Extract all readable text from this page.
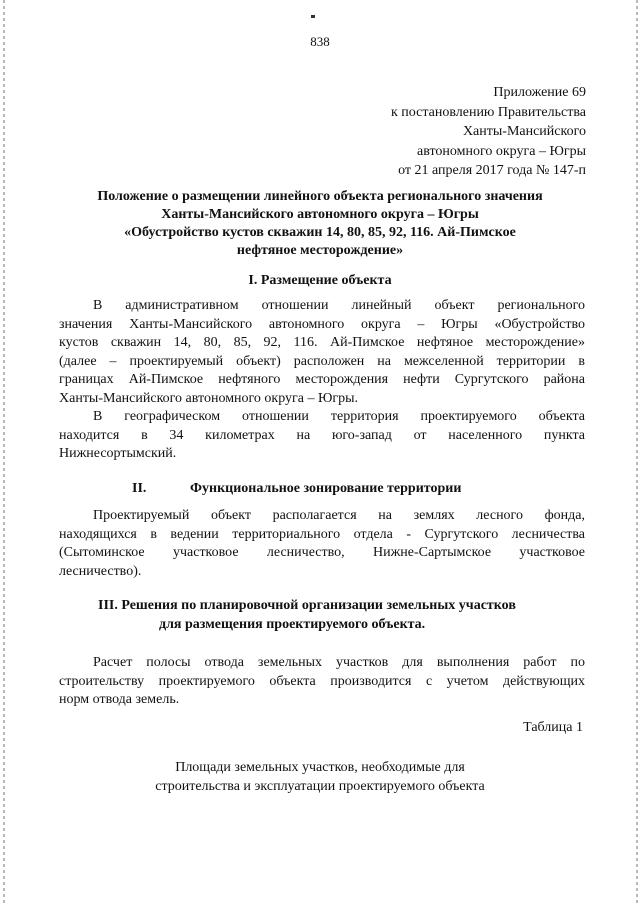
838
Приложение 69
к постановлению Правительства
Ханты-Мансийского
автономного округа – Югры
от 21 апреля 2017 года № 147-п
Положение о размещении линейного объекта регионального значения
Ханты-Мансийского автономного округа – Югры
«Обустройство кустов скважин 14, 80, 85, 92, 116. Ай-Пимское
нефтяное месторождение»
I. Размещение объекта

В административном отношении линейный объект регионального
значения Ханты-Мансийского автономного округа – Югры «Обустройство
кустов скважин 14, 80, 85, 92, 116. Ай-Пимское нефтяное месторождение»
(далее – проектируемый объект) расположен на межселенной территории в
границах Ай-Пимское нефтяного месторождения нефти Сургутского района
Ханты-Мансийского автономного округа – Югры.

В географическом отношении территория проектируемого объекта
находится в 34 километрах на юго-запад от населенного пункта
Нижнесортымский.

II.	Функциональное зонирование территории

Проектируемый объект располагается на землях лесного фонда,
находящихся в ведении территориального отдела - Сургутского лесничества
(Сытоминское участковое лесничество, Нижне-Сартымское участковое
лесничество).

III. Решения по планировочной организации земельных участков
для размещения проектируемого объекта.

Расчет полосы отвода земельных участков для выполнения работ по
строительству проектируемого объекта производится с учетом действующих
норм отвода земель.

Таблица 1
Площади земельных участков, необходимые для
строительства и эксплуатации проектируемого объекта
